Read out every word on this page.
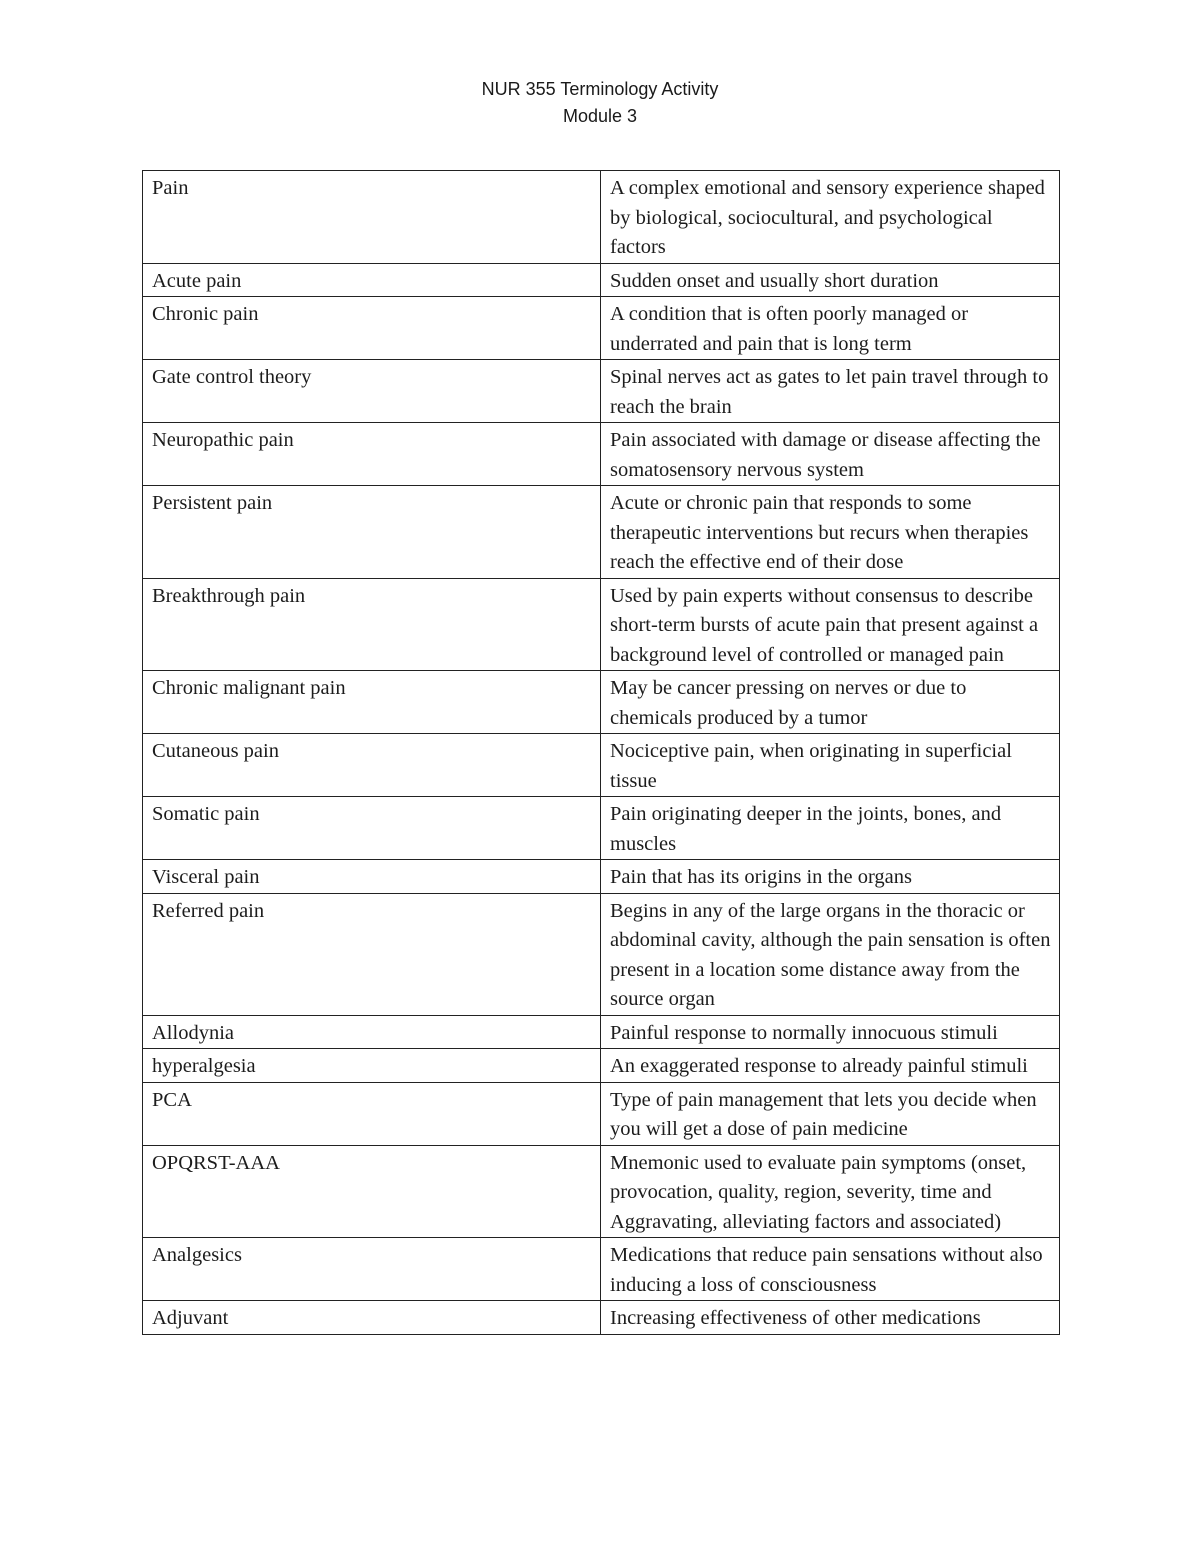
NUR 355 Terminology Activity
Module 3
Pain	A complex emotional and sensory experience shaped by biological, sociocultural, and psychological factors
Acute pain	Sudden onset and usually short duration
Chronic pain	A condition that is often poorly managed or underrated and pain that is long term
Gate control theory	Spinal nerves act as gates to let pain travel through to reach the brain
Neuropathic pain	Pain associated with damage or disease affecting the somatosensory nervous system
Persistent pain	Acute or chronic pain that responds to some therapeutic interventions but recurs when therapies reach the effective end of their dose
Breakthrough pain	Used by pain experts without consensus to describe short-term bursts of acute pain that present against a background level of controlled or managed pain
Chronic malignant pain	May be cancer pressing on nerves or due to chemicals produced by a tumor
Cutaneous pain	Nociceptive pain, when originating in superficial tissue
Somatic pain	Pain originating deeper in the joints, bones, and muscles
Visceral pain	Pain that has its origins in the organs
Referred pain	Begins in any of the large organs in the thoracic or abdominal cavity, although the pain sensation is often present in a location some distance away from the source organ
Allodynia	Painful response to normally innocuous stimuli
hyperalgesia	An exaggerated response to already painful stimuli
PCA	Type of pain management that lets you decide when you will get a dose of pain medicine
OPQRST-AAA	Mnemonic used to evaluate pain symptoms (onset, provocation, quality, region, severity, time and Aggravating, alleviating factors and associated)
Analgesics	Medications that reduce pain sensations without also inducing a loss of consciousness
Adjuvant	Increasing effectiveness of other medications
